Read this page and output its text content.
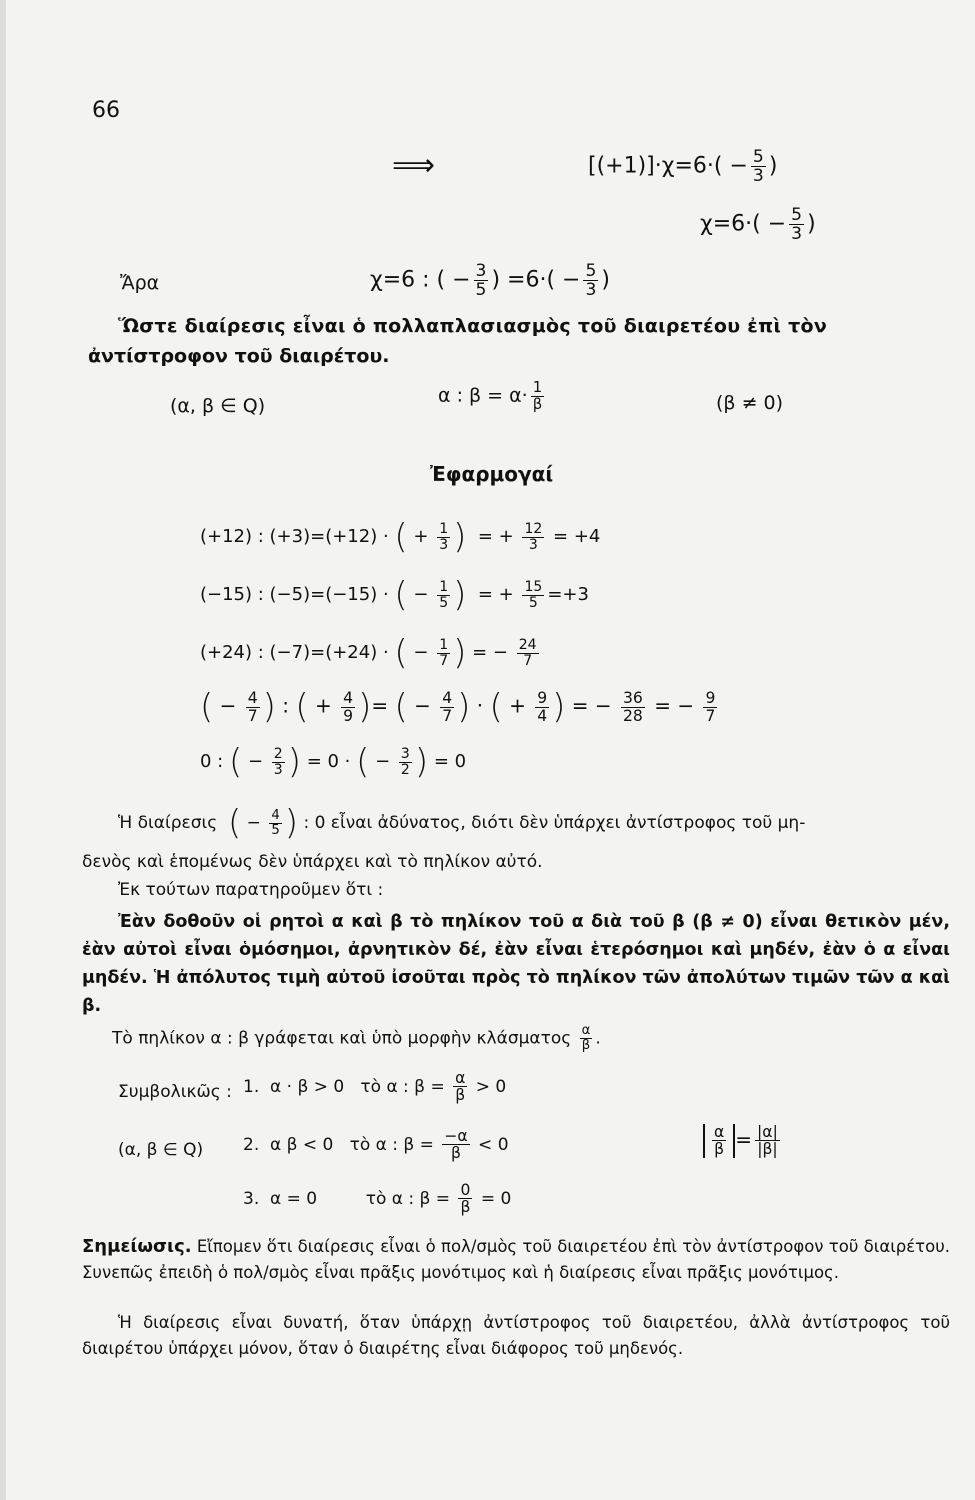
66
⟹	$[(+1)]\cdot\chi=6\cdot( - \frac{5}{3}$ )
$\chi=6\cdot( - \frac{5}{3}$ )
Ἄρα	χ=6 : ( − $\frac{3}{5}$ ) $=6\cdot( - \frac{5}{3}$ )
Ὥστε διαίρεσις εἶναι ὁ πολλαπλασιασμὸς τοῦ διαιρετέου ἐπὶ τὸν
ἀντίστροφον τοῦ διαιρέτου.
(α, β ∈ Q)	α : $\beta = \alpha\cdot \frac{1}{\beta}$	(β ≠ 0)
Ἐφαρμογαί
(+12) : (+3)=(+12) · ( + $\frac{1}{3}$ )  = + $\frac{12}{3} = +4$
(−15) : (−5)=(−15) · ( − $\frac{1}{5}$ )  = + $\frac{15}{5} =+3$
(+24) : (−7)=(+24) · ( − $\frac{1}{7}$ ) = − $\frac{24}{7}$
( − $\frac{4}{7}$ ) : ( + $\frac{4}{9}$ )= ( − $\frac{4}{7}$ ) · ( + $\frac{9}{4}$ ) = − $\frac{36}{28}$ = − $\frac{9}{7}$
0 : ( − $\frac{2}{3}$ ) = 0 · ( − $\frac{3}{2}$ ) = 0
Ἡ διαίρεσις ( − $\frac{4}{5}$ ) : 0 εἶναι ἀδύνατος, διότι δὲν ὑπάρχει ἀντίστροφος τοῦ μη-
δενὸς καὶ ἑπομένως δὲν ὑπάρχει καὶ τὸ πηλίκον αὐτό.
Ἐκ τούτων παρατηροῦμεν ὅτι :
Ἐὰν δοθοῦν οἱ ρητοὶ α καὶ β τὸ πηλίκον τοῦ α διὰ τοῦ β (β ≠ 0) εἶναι θετικὸν μέν, ἐὰν αὐτοὶ εἶναι ὁμόσημοι, ἀρνητικὸν δέ, ἐὰν εἶναι ἑτερόσημοι καὶ μηδέν, ἐὰν ὁ α εἶναι μηδέν. Ἡ ἀπόλυτος τιμὴ αὐτοῦ ἰσοῦται πρὸς τὸ πηλίκον τῶν ἀπολύτων τιμῶν τῶν α καὶ β.
Τὸ πηλίκον α : β γράφεται καὶ ὑπὸ μορφὴν κλάσματος $\frac{\alpha}{\beta}$ .
Συμβολικῶς :
(α, β ∈ Q)
1. α · β > 0 τὸ α : $\beta = \frac{\alpha}{\beta} > 0$
2. α β < 0 τὸ α : $\beta = \frac{-\alpha}{\beta} < 0$
3. α = 0	τὸ α : $\beta = \frac{0}{\beta} = 0$
$\frac{\alpha}{\beta} = \frac{|\alpha|}{|\beta|}$
Σημείωσις. Εἴπομεν ὅτι διαίρεσις εἶναι ὁ πολ/σμὸς τοῦ διαιρετέου ἐπὶ τὸν ἀντίστροφον τοῦ διαιρέτου. Συνεπῶς ἐπειδὴ ὁ πολ/σμὸς εἶναι πρᾶξις μονότιμος καὶ ἡ διαίρεσις εἶναι πρᾶξις μονότιμος.
Ἡ διαίρεσις εἶναι δυνατή, ὅταν ὑπάρχῃ ἀντίστροφος τοῦ διαιρετέου, ἀλλὰ ἀντίστροφος τοῦ διαιρέτου ὑπάρχει μόνον, ὅταν ὁ διαιρέτης εἶναι διάφορος τοῦ μηδενός.
